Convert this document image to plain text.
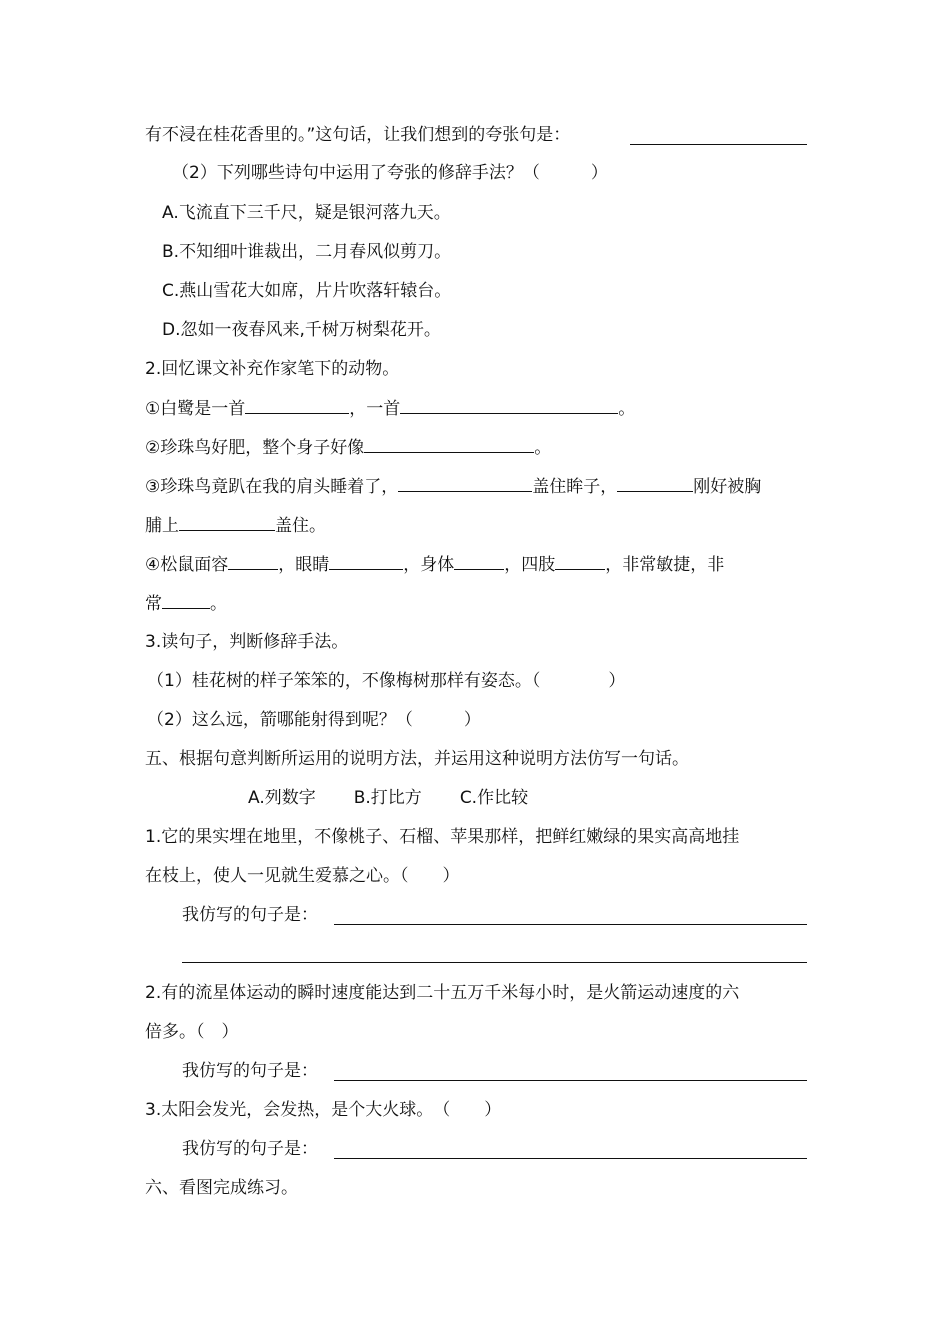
有不浸在桂花香里的。”这句话，让我们想到的夸张句是：
（2）下列哪些诗句中运用了夸张的修辞手法？（　　　）
A.飞流直下三千尺，疑是银河落九天。
B.不知细叶谁裁出，二月春风似剪刀。
C.燕山雪花大如席，片片吹落轩辕台。
D.忽如一夜春风来,千树万树梨花开。
2.回忆课文补充作家笔下的动物。
①白鹭是一首	，一首	。
②珍珠鸟好肥，整个身子好像	。
③珍珠鸟竟趴在我的肩头睡着了，	盖住眸子，	刚好被胸
脯上	盖住。
④松鼠面容	，眼睛	，身体	，四肢	，非常敏捷，非
常	。
3.读句子，判断修辞手法。
（1）桂花树的样子笨笨的，不像梅树那样有姿态。（　　　　）
（2）这么远，箭哪能射得到呢？（　　　）
五、根据句意判断所运用的说明方法，并运用这种说明方法仿写一句话。
A.列数字 B.打比方 C.作比较
1.它的果实埋在地里，不像桃子、石榴、苹果那样，把鲜红嫩绿的果实高高地挂
在枝上，使人一见就生爱慕之心。（　　）
我仿写的句子是：
2.有的流星体运动的瞬时速度能达到二十五万千米每小时，是火箭运动速度的六
倍多。（　）
我仿写的句子是：
3.太阳会发光，会发热，是个大火球。　（　　）
我仿写的句子是：
六、看图完成练习。
